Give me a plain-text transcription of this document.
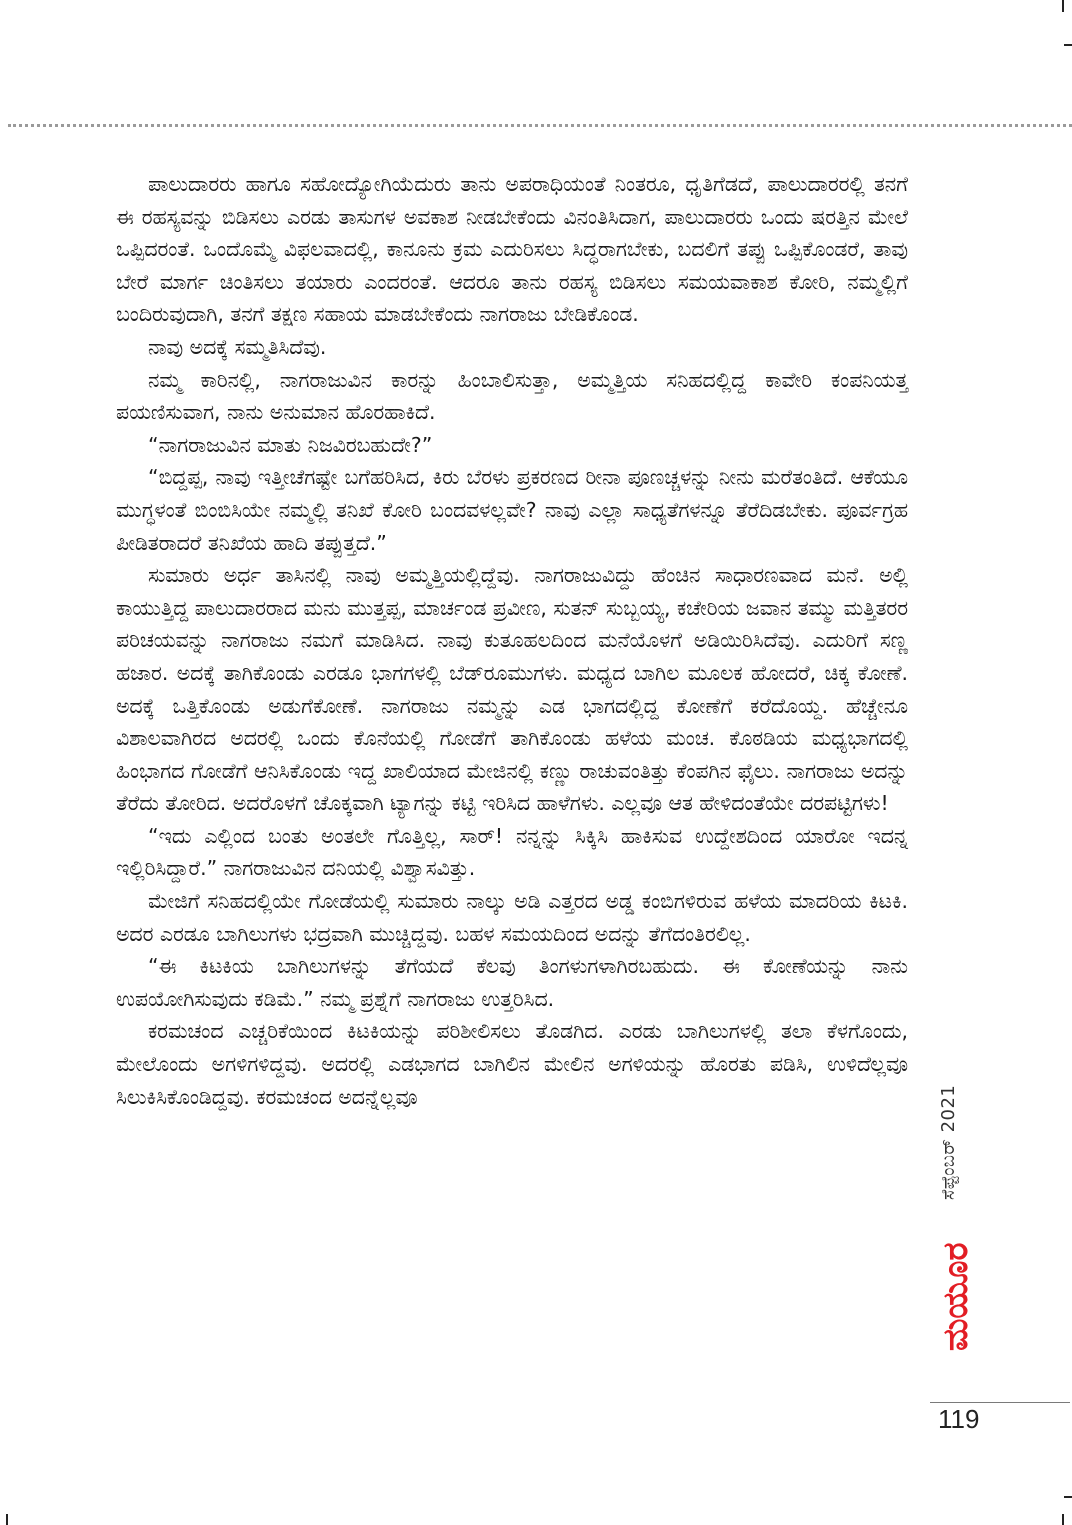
ಪಾಲುದಾರರು ಹಾಗೂ ಸಹೋದ್ಯೋಗಿಯೆದುರು ತಾನು ಅಪರಾಧಿಯಂತೆ ನಿಂತರೂ, ಧೃತಿಗೆಡದೆ, ಪಾಲುದಾರರಲ್ಲಿ ತನಗೆ ಈ ರಹಸ್ಯವನ್ನು ಬಿಡಿಸಲು ಎರಡು ತಾಸುಗಳ ಅವಕಾಶ ನೀಡಬೇಕೆಂದು ವಿನಂತಿಸಿದಾಗ, ಪಾಲುದಾರರು ಒಂದು ಷರತ್ತಿನ ಮೇಲೆ ಒಪ್ಪಿದರಂತೆ. ಒಂದೊಮ್ಮೆ ವಿಫಲವಾದಲ್ಲಿ, ಕಾನೂನು ಕ್ರಮ ಎದುರಿಸಲು ಸಿದ್ಧರಾಗಬೇಕು, ಬದಲಿಗೆ ತಪ್ಪು ಒಪ್ಪಿಕೊಂಡರೆ, ತಾವು ಬೇರೆ ಮಾರ್ಗ ಚಿಂತಿಸಲು ತಯಾರು ಎಂದರಂತೆ. ಆದರೂ ತಾನು ರಹಸ್ಯ ಬಿಡಿಸಲು ಸಮಯವಾಕಾಶ ಕೋರಿ, ನಮ್ಮಲ್ಲಿಗೆ ಬಂದಿರುವುದಾಗಿ, ತನಗೆ ತಕ್ಷಣ ಸಹಾಯ ಮಾಡಬೇಕೆಂದು ನಾಗರಾಜು ಬೇಡಿಕೊಂಡ.

ನಾವು ಅದಕ್ಕೆ ಸಮ್ಮತಿಸಿದೆವು.

ನಮ್ಮ ಕಾರಿನಲ್ಲಿ, ನಾಗರಾಜುವಿನ ಕಾರನ್ನು ಹಿಂಬಾಲಿಸುತ್ತಾ, ಅಮ್ಮತ್ತಿಯ ಸನಿಹದಲ್ಲಿದ್ದ ಕಾವೇರಿ ಕಂಪನಿಯತ್ತ ಪಯಣಿಸುವಾಗ, ನಾನು ಅನುಮಾನ ಹೊರಹಾಕಿದೆ.

“ನಾಗರಾಜುವಿನ ಮಾತು ನಿಜವಿರಬಹುದೇ?”

“ಬಿದ್ದಪ್ಪ, ನಾವು ಇತ್ತೀಚೆಗಷ್ಟೇ ಬಗೆಹರಿಸಿದ, ಕಿರು ಬೆರಳು ಪ್ರಕರಣದ ರೀನಾ ಪೂಣಚ್ಚಳನ್ನು ನೀನು ಮರೆತಂತಿದೆ. ಆಕೆಯೂ ಮುಗ್ಧಳಂತೆ ಬಿಂಬಿಸಿಯೇ ನಮ್ಮಲ್ಲಿ ತನಿಖೆ ಕೋರಿ ಬಂದವಳಲ್ಲವೇ? ನಾವು ಎಲ್ಲಾ ಸಾಧ್ಯತೆಗಳನ್ನೂ ತೆರೆದಿಡಬೇಕು. ಪೂರ್ವಗ್ರಹ ಪೀಡಿತರಾದರೆ ತನಿಖೆಯ ಹಾದಿ ತಪ್ಪುತ್ತದೆ.”

ಸುಮಾರು ಅರ್ಧ ತಾಸಿನಲ್ಲಿ ನಾವು ಅಮ್ಮತ್ತಿಯಲ್ಲಿದ್ದೆವು. ನಾಗರಾಜುವಿದ್ದು ಹೆಂಚಿನ ಸಾಧಾರಣವಾದ ಮನೆ. ಅಲ್ಲಿ ಕಾಯುತ್ತಿದ್ದ ಪಾಲುದಾರರಾದ ಮನು ಮುತ್ತಪ್ಪ, ಮಾರ್ಚಂಡ ಪ್ರವೀಣ, ಸುತನ್ ಸುಬ್ಬಯ್ಯ, ಕಚೇರಿಯ ಜವಾನ ತಮ್ಮು ಮತ್ತಿತರರ ಪರಿಚಯವನ್ನು ನಾಗರಾಜು ನಮಗೆ ಮಾಡಿಸಿದ. ನಾವು ಕುತೂಹಲದಿಂದ ಮನೆಯೊಳಗೆ ಅಡಿಯಿರಿಸಿದೆವು. ಎದುರಿಗೆ ಸಣ್ಣ ಹಜಾರ. ಅದಕ್ಕೆ ತಾಗಿಕೊಂಡು ಎರಡೂ ಭಾಗಗಳಲ್ಲಿ ಬೆಡ್‌ರೂಮುಗಳು. ಮಧ್ಯದ ಬಾಗಿಲ ಮೂಲಕ ಹೋದರೆ, ಚಿಕ್ಕ ಕೋಣೆ. ಅದಕ್ಕೆ ಒತ್ತಿಕೊಂಡು ಅಡುಗೆಕೋಣೆ. ನಾಗರಾಜು ನಮ್ಮನ್ನು ಎಡ ಭಾಗದಲ್ಲಿದ್ದ ಕೋಣೆಗೆ ಕರೆದೊಯ್ದ. ಹೆಚ್ಚೇನೂ ವಿಶಾಲವಾಗಿರದ ಅದರಲ್ಲಿ ಒಂದು ಕೊನೆಯಲ್ಲಿ ಗೋಡೆಗೆ ತಾಗಿಕೊಂಡು ಹಳೆಯ ಮಂಚ. ಕೊಠಡಿಯ ಮಧ್ಯಭಾಗದಲ್ಲಿ ಹಿಂಭಾಗದ ಗೋಡೆಗೆ ಆನಿಸಿಕೊಂಡು ಇದ್ದ ಖಾಲಿಯಾದ ಮೇಜಿನಲ್ಲಿ ಕಣ್ಣು ರಾಚುವಂತಿತ್ತು ಕೆಂಪಗಿನ ಫೈಲು. ನಾಗರಾಜು ಅದನ್ನು ತೆರೆದು ತೋರಿದ. ಅದರೊಳಗೆ ಚೊಕ್ಕವಾಗಿ ಟ್ಯಾಗನ್ನು ಕಟ್ಟಿ ಇರಿಸಿದ ಹಾಳೆಗಳು. ಎಲ್ಲವೂ ಆತ ಹೇಳಿದಂತೆಯೇ ದರಪಟ್ಟಿಗಳು!

“ಇದು ಎಲ್ಲಿಂದ ಬಂತು ಅಂತಲೇ ಗೊತ್ತಿಲ್ಲ, ಸಾರ್! ನನ್ನನ್ನು ಸಿಕ್ಕಿಸಿ ಹಾಕಿಸುವ ಉದ್ದೇಶದಿಂದ ಯಾರೋ ಇದನ್ನ ಇಲ್ಲಿರಿಸಿದ್ದಾರೆ.” ನಾಗರಾಜುವಿನ ದನಿಯಲ್ಲಿ ವಿಶ್ವಾಸವಿತ್ತು.

ಮೇಜಿಗೆ ಸನಿಹದಲ್ಲಿಯೇ ಗೋಡೆಯಲ್ಲಿ ಸುಮಾರು ನಾಲ್ಕು ಅಡಿ ಎತ್ತರದ ಅಡ್ಡ ಕಂಬಿಗಳಿರುವ ಹಳೆಯ ಮಾದರಿಯ ಕಿಟಕಿ. ಅದರ ಎರಡೂ ಬಾಗಿಲುಗಳು ಭದ್ರವಾಗಿ ಮುಚ್ಚಿದ್ದವು. ಬಹಳ ಸಮಯದಿಂದ ಅದನ್ನು ತೆಗೆದಂತಿರಲಿಲ್ಲ.

“ಈ ಕಿಟಕಿಯ ಬಾಗಿಲುಗಳನ್ನು ತೆಗೆಯದೆ ಕೆಲವು ತಿಂಗಳುಗಳಾಗಿರಬಹುದು. ಈ ಕೋಣೆಯನ್ನು ನಾನು ಉಪಯೋಗಿಸುವುದು ಕಡಿಮೆ.” ನಮ್ಮ ಪ್ರಶ್ನೆಗೆ ನಾಗರಾಜು ಉತ್ತರಿಸಿದ.

ಕರಮಚಂದ ಎಚ್ಚರಿಕೆಯಿಂದ ಕಿಟಕಿಯನ್ನು ಪರಿಶೀಲಿಸಲು ತೊಡಗಿದ. ಎರಡು ಬಾಗಿಲುಗಳಲ್ಲಿ ತಲಾ ಕೆಳಗೊಂದು, ಮೇಲೊಂದು ಅಗಳಿಗಳಿದ್ದವು. ಅದರಲ್ಲಿ ಎಡಭಾಗದ ಬಾಗಿಲಿನ ಮೇಲಿನ ಅಗಳಿಯನ್ನು ಹೊರತು ಪಡಿಸಿ, ಉಳಿದೆಲ್ಲವೂ ಸಿಲುಕಿಸಿಕೊಂಡಿದ್ದವು. ಕರಮಚಂದ ಅದನ್ನೆಲ್ಲವೂ	ಸೆಪ್ಟೆಂಬರ್ 2021
ಮಯೂರ
119
